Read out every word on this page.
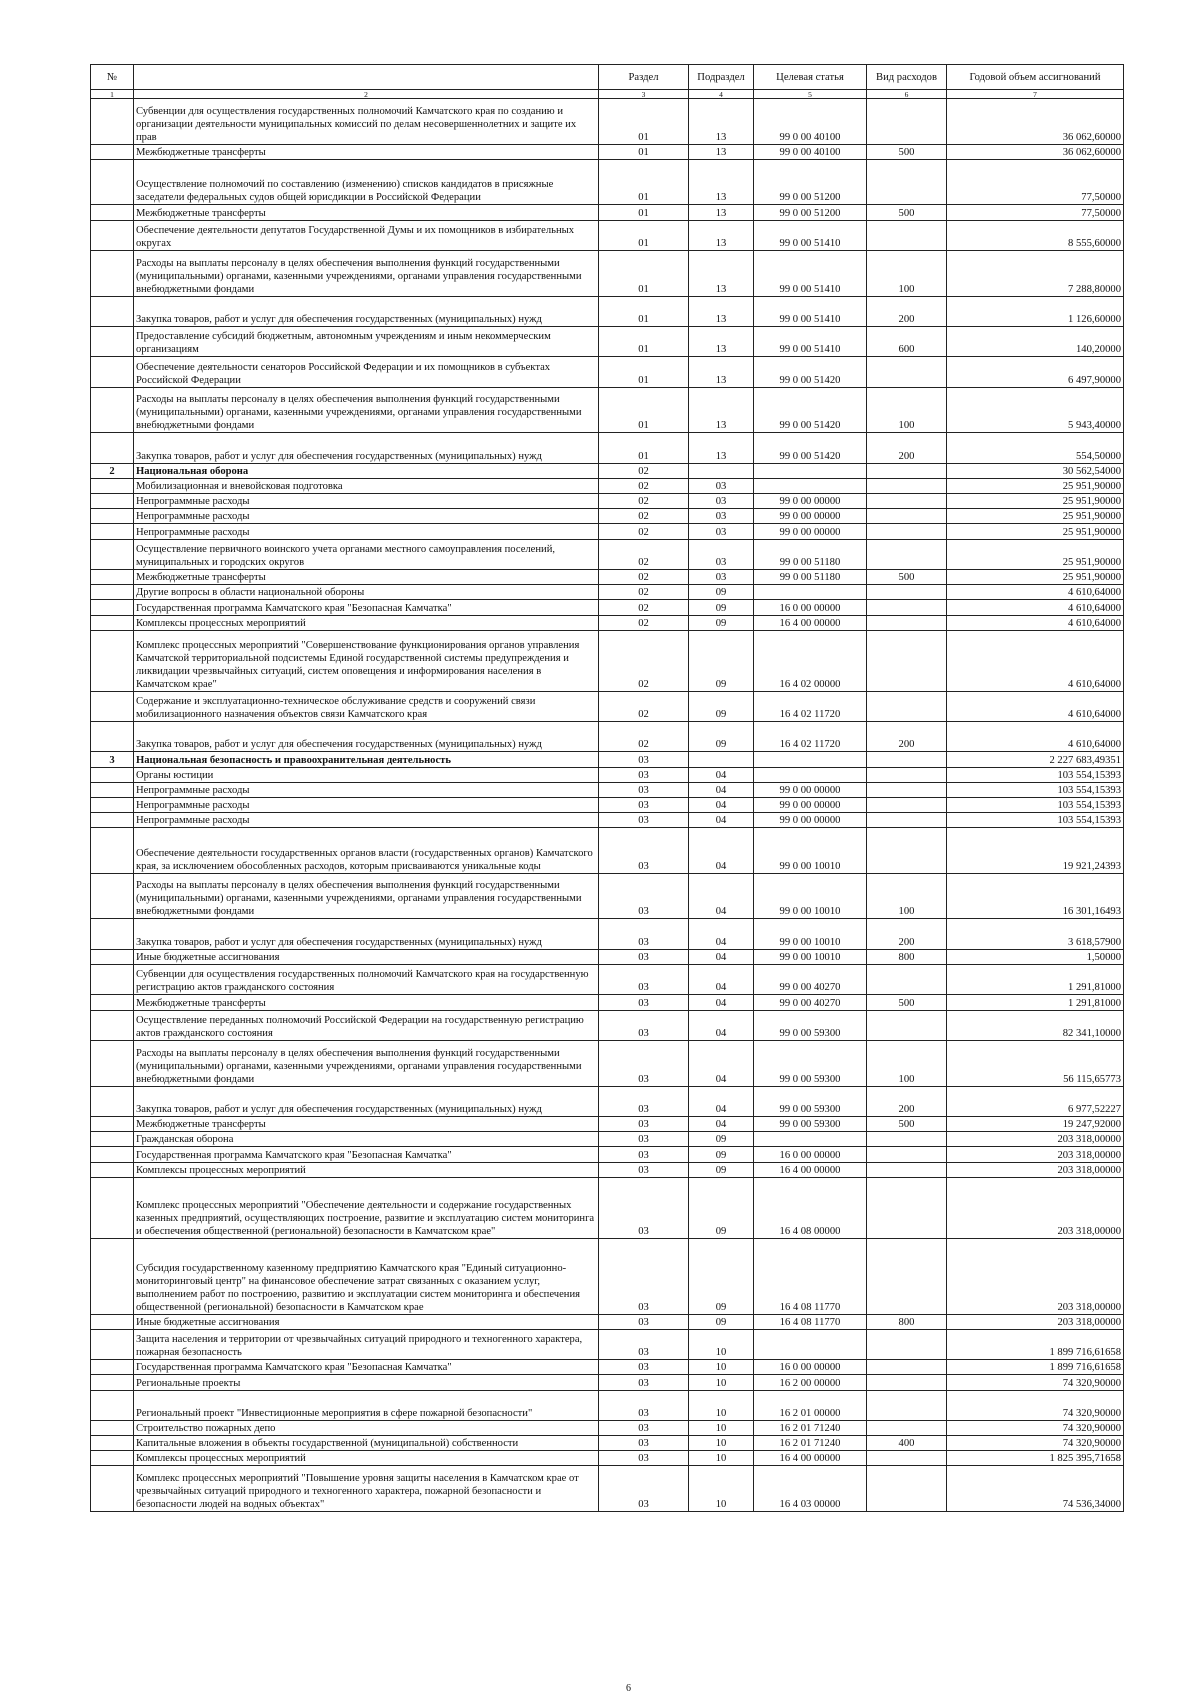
№		Раздел	Подраздел	Целевая статья	Вид расходов	Годовой объем ассигнований
1	2	3	4	5	6	7
	Субвенции для осуществления государственных полномочий Камчатского края по созданию и организации деятельности муниципальных комиссий по делам несовершеннолетних и защите их прав	01	13	99 0 00 40100		36 062,60000
	Межбюджетные трансферты	01	13	99 0 00 40100	500	36 062,60000
	Осуществление полномочий по составлению (изменению) списков кандидатов в присяжные заседатели федеральных судов общей юрисдикции в Российской Федерации	01	13	99 0 00 51200		77,50000
	Межбюджетные трансферты	01	13	99 0 00 51200	500	77,50000
	Обеспечение деятельности депутатов Государственной Думы и их помощников в избирательных округах	01	13	99 0 00 51410		8 555,60000
	Расходы на выплаты персоналу в целях обеспечения выполнения функций государственными (муниципальными) органами, казенными учреждениями, органами управления государственными внебюджетными фондами	01	13	99 0 00 51410	100	7 288,80000
	Закупка товаров, работ и услуг для обеспечения государственных (муниципальных) нужд	01	13	99 0 00 51410	200	1 126,60000
	Предоставление субсидий бюджетным, автономным учреждениям и иным некоммерческим организациям	01	13	99 0 00 51410	600	140,20000
	Обеспечение деятельности сенаторов Российской Федерации и их помощников в субъектах Российской Федерации	01	13	99 0 00 51420		6 497,90000
	Расходы на выплаты персоналу в целях обеспечения выполнения функций государственными (муниципальными) органами, казенными учреждениями, органами управления государственными внебюджетными фондами	01	13	99 0 00 51420	100	5 943,40000
	Закупка товаров, работ и услуг для обеспечения государственных (муниципальных) нужд	01	13	99 0 00 51420	200	554,50000
2	Национальная оборона	02				30 562,54000
	Мобилизационная и вневойсковая подготовка	02	03			25 951,90000
	Непрограммные расходы	02	03	99 0 00 00000		25 951,90000
	Непрограммные расходы	02	03	99 0 00 00000		25 951,90000
	Непрограммные расходы	02	03	99 0 00 00000		25 951,90000
	Осуществление первичного воинского учета органами местного самоуправления поселений, муниципальных и городских округов	02	03	99 0 00 51180		25 951,90000
	Межбюджетные трансферты	02	03	99 0 00 51180	500	25 951,90000
	Другие вопросы в области национальной обороны	02	09			4 610,64000
	Государственная программа Камчатского края "Безопасная Камчатка"	02	09	16 0 00 00000		4 610,64000
	Комплексы процессных мероприятий	02	09	16 4 00 00000		4 610,64000
	Комплекс процессных мероприятий "Совершенствование функционирования органов управления Камчатской территориальной подсистемы Единой государственной системы предупреждения и ликвидации чрезвычайных ситуаций, систем оповещения и информирования населения в Камчатском крае"	02	09	16 4 02 00000		4 610,64000
	Содержание и эксплуатационно-техническое обслуживание средств и сооружений связи мобилизационного назначения объектов связи Камчатского края	02	09	16 4 02 11720		4 610,64000
	Закупка товаров, работ и услуг для обеспечения государственных (муниципальных) нужд	02	09	16 4 02 11720	200	4 610,64000
3	Национальная безопасность и правоохранительная деятельность	03				2 227 683,49351
	Органы юстиции	03	04			103 554,15393
	Непрограммные расходы	03	04	99 0 00 00000		103 554,15393
	Непрограммные расходы	03	04	99 0 00 00000		103 554,15393
	Непрограммные расходы	03	04	99 0 00 00000		103 554,15393
	Обеспечение деятельности государственных органов власти (государственных органов) Камчатского края, за исключением обособленных расходов, которым присваиваются уникальные коды	03	04	99 0 00 10010		19 921,24393
	Расходы на выплаты персоналу в целях обеспечения выполнения функций государственными (муниципальными) органами, казенными учреждениями, органами управления государственными внебюджетными фондами	03	04	99 0 00 10010	100	16 301,16493
	Закупка товаров, работ и услуг для обеспечения государственных (муниципальных) нужд	03	04	99 0 00 10010	200	3 618,57900
	Иные бюджетные ассигнования	03	04	99 0 00 10010	800	1,50000
	Субвенции для осуществления государственных полномочий Камчатского края на государственную регистрацию актов гражданского состояния	03	04	99 0 00 40270		1 291,81000
	Межбюджетные трансферты	03	04	99 0 00 40270	500	1 291,81000
	Осуществление переданных полномочий Российской Федерации на государственную регистрацию актов гражданского состояния	03	04	99 0 00 59300		82 341,10000
	Расходы на выплаты персоналу в целях обеспечения выполнения функций государственными (муниципальными) органами, казенными учреждениями, органами управления государственными внебюджетными фондами	03	04	99 0 00 59300	100	56 115,65773
	Закупка товаров, работ и услуг для обеспечения государственных (муниципальных) нужд	03	04	99 0 00 59300	200	6 977,52227
	Межбюджетные трансферты	03	04	99 0 00 59300	500	19 247,92000
	Гражданская оборона	03	09			203 318,00000
	Государственная программа Камчатского края "Безопасная Камчатка"	03	09	16 0 00 00000		203 318,00000
	Комплексы процессных мероприятий	03	09	16 4 00 00000		203 318,00000
	Комплекс процессных мероприятий "Обеспечение деятельности и содержание государственных казенных предприятий, осуществляющих построение, развитие и эксплуатацию систем мониторинга и обеспечения общественной (региональной) безопасности в Камчатском крае"	03	09	16 4 08 00000		203 318,00000
	Субсидия государственному казенному предприятию Камчатского края "Единый ситуационно-мониторинговый центр" на финансовое обеспечение затрат связанных с оказанием услуг, выполнением работ по построению, развитию и эксплуатации систем мониторинга и обеспечения общественной (региональной) безопасности в Камчатском крае	03	09	16 4 08 11770		203 318,00000
	Иные бюджетные ассигнования	03	09	16 4 08 11770	800	203 318,00000
	Защита населения и территории от чрезвычайных ситуаций природного и техногенного характера, пожарная безопасность	03	10			1 899 716,61658
	Государственная программа Камчатского края "Безопасная Камчатка"	03	10	16 0 00 00000		1 899 716,61658
	Региональные проекты	03	10	16 2 00 00000		74 320,90000
	Региональный проект "Инвестиционные мероприятия в сфере пожарной безопасности"	03	10	16 2 01 00000		74 320,90000
	Строительство пожарных депо	03	10	16 2 01 71240		74 320,90000
	Капитальные вложения в объекты государственной (муниципальной) собственности	03	10	16 2 01 71240	400	74 320,90000
	Комплексы процессных мероприятий	03	10	16 4 00 00000		1 825 395,71658
	Комплекс процессных мероприятий "Повышение уровня защиты населения в Камчатском крае от чрезвычайных ситуаций природного и техногенного характера, пожарной безопасности и безопасности людей на водных объектах"	03	10	16 4 03 00000		74 536,34000
6
